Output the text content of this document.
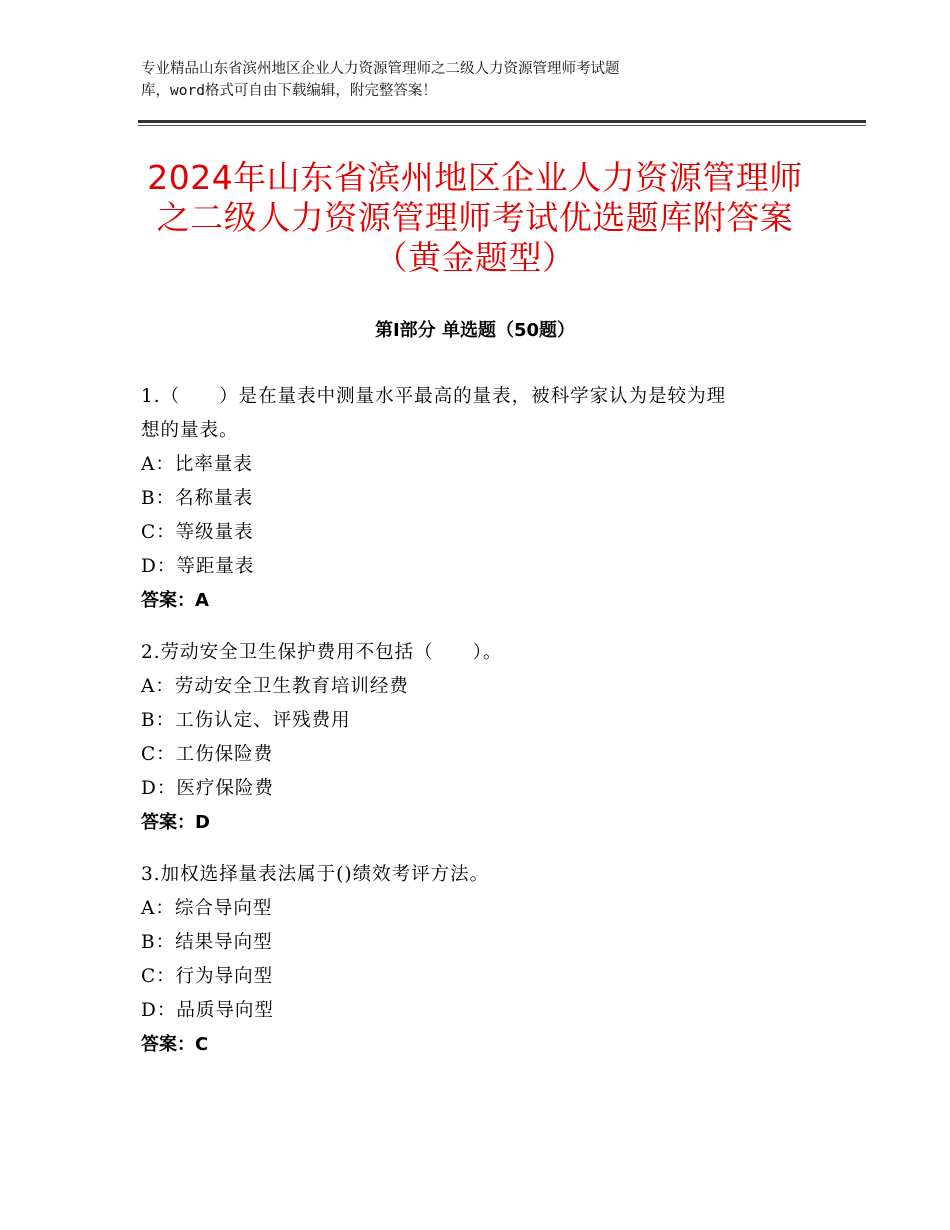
专业精品山东省滨州地区企业人力资源管理师之二级人力资源管理师考试题
库，word格式可自由下载编辑，附完整答案！
2024年山东省滨州地区企业人力资源管理师
之二级人力资源管理师考试优选题库附答案
（黄金题型）
第Ⅰ部分 单选题（50题）
1.（　　）是在量表中测量水平最高的量表，被科学家认为是较为理
想的量表。
A：比率量表
B：名称量表
C：等级量表
D：等距量表
答案：A
2.劳动安全卫生保护费用不包括（　　）。
A：劳动安全卫生教育培训经费
B：工伤认定、评残费用
C：工伤保险费
D：医疗保险费
答案：D
3.加权选择量表法属于()绩效考评方法。
A：综合导向型
B：结果导向型
C：行为导向型
D：品质导向型
答案：C
